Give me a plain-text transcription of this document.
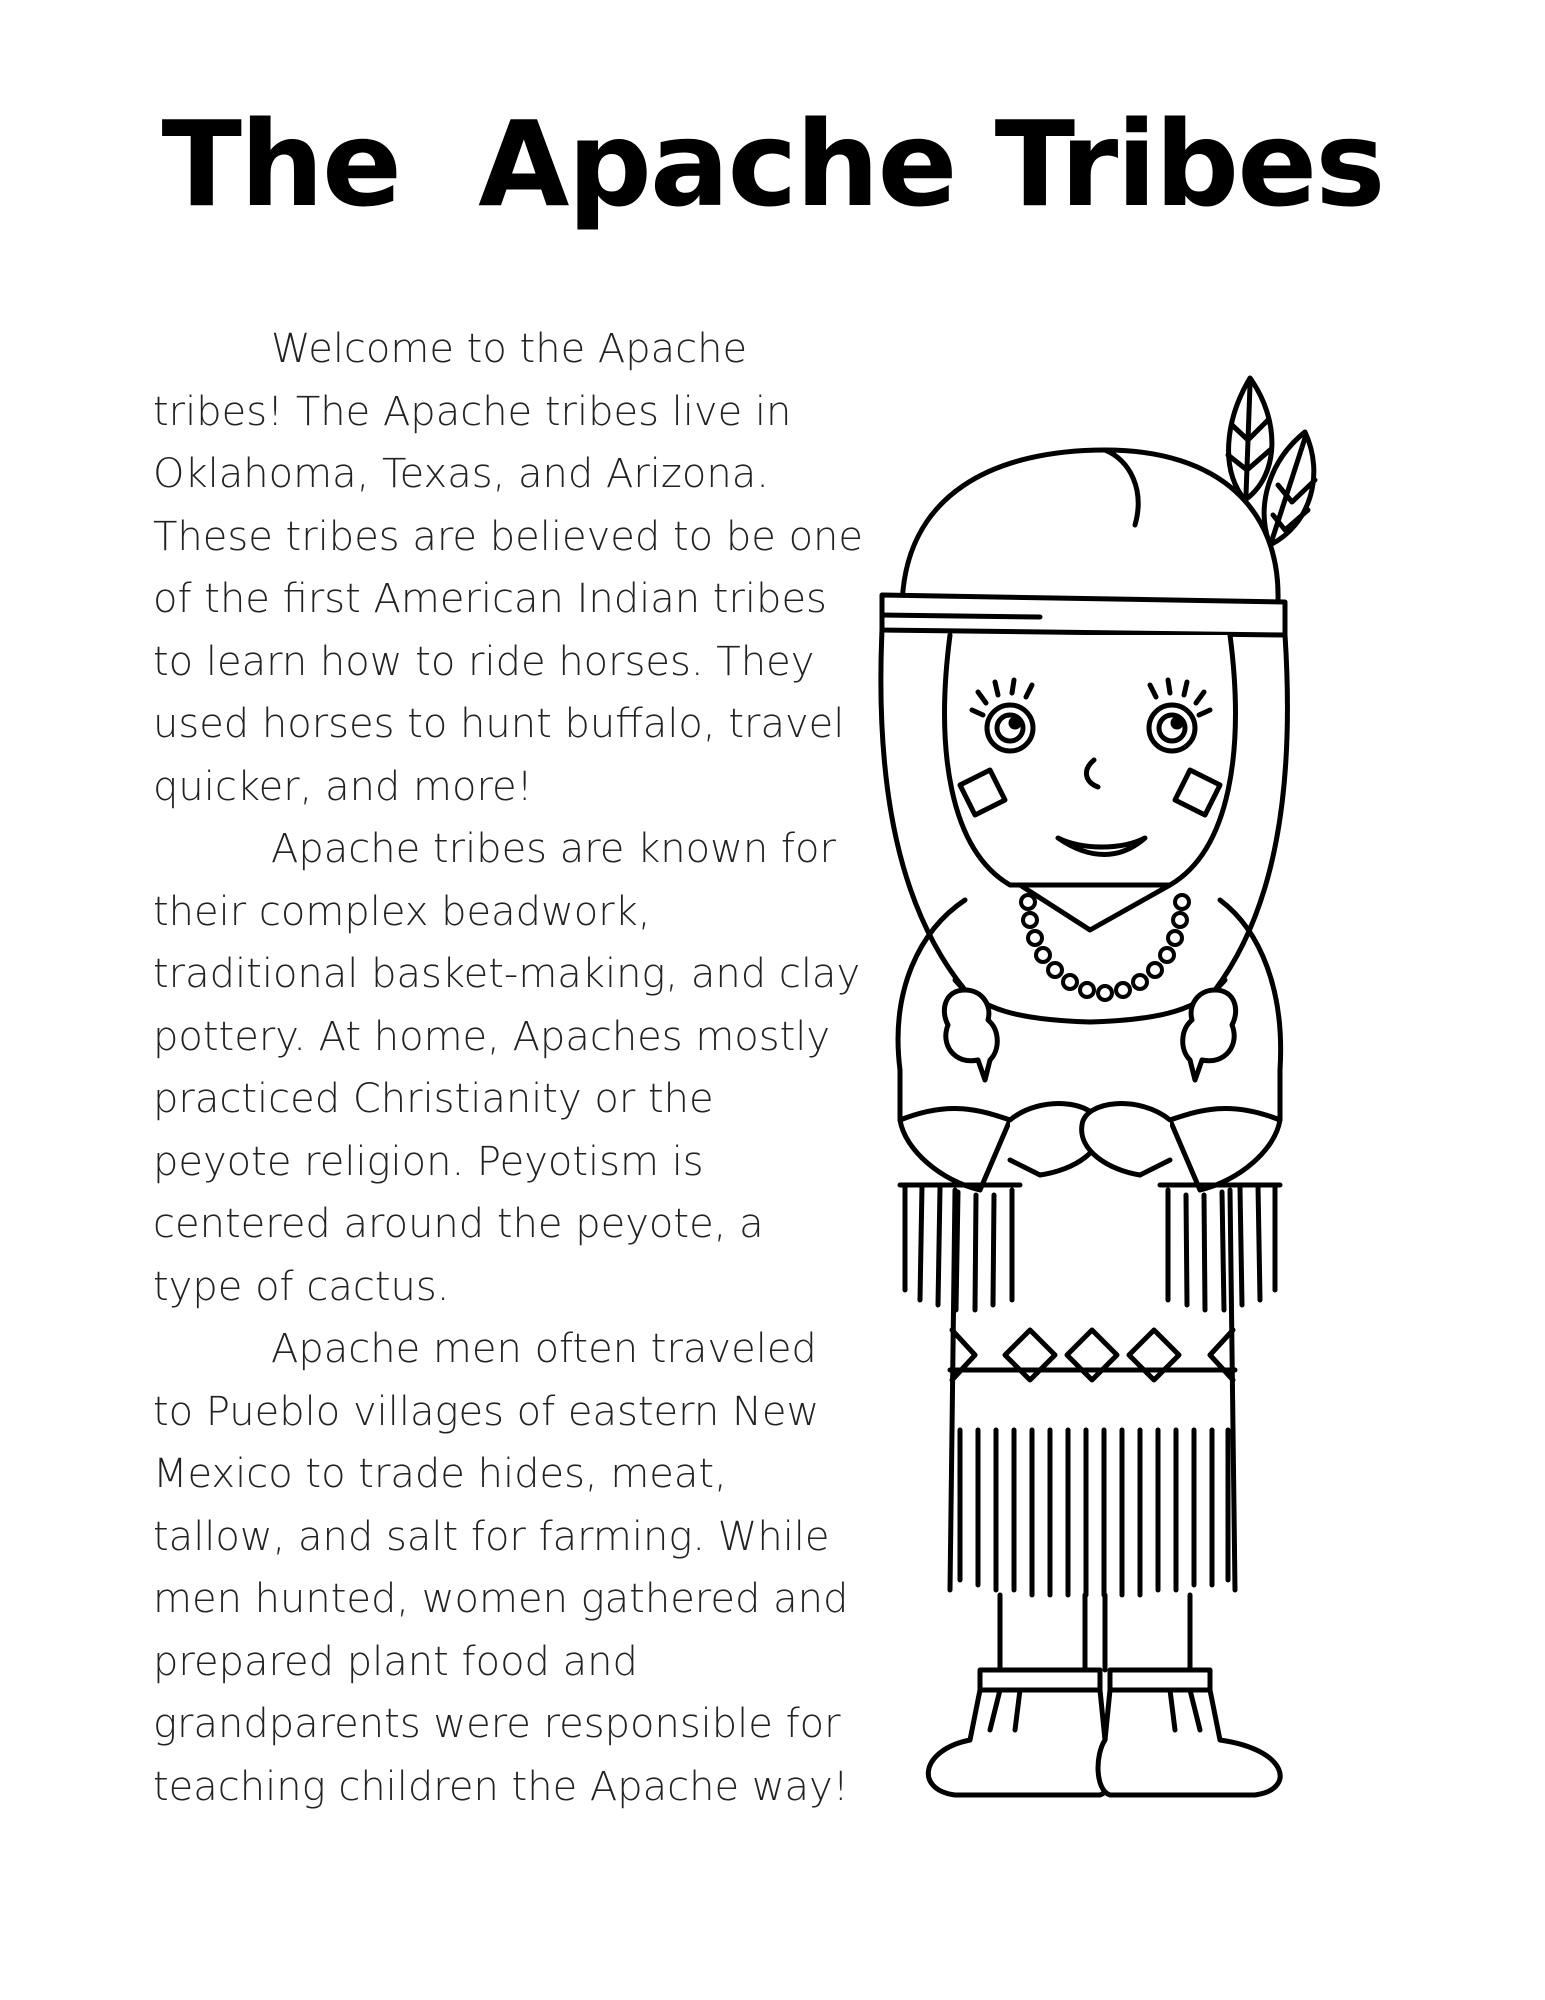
The  Apache Tribes

Welcome to the Apache tribes! The Apache tribes live in Oklahoma, Texas, and Arizona. These tribes are believed to be one of the first American Indian tribes to learn how to ride horses. They used horses to hunt buffalo, travel quicker, and more!

Apache tribes are known for their complex beadwork, traditional basket-making, and clay pottery. At home, Apaches mostly practiced Christianity or the peyote religion. Peyotism is centered around the peyote, a type of cactus.

Apache men often traveled to Pueblo villages of eastern New Mexico to trade hides, meat, tallow, and salt for farming. While men hunted, women gathered and prepared plant food and grandparents were responsible for teaching children the Apache way!
